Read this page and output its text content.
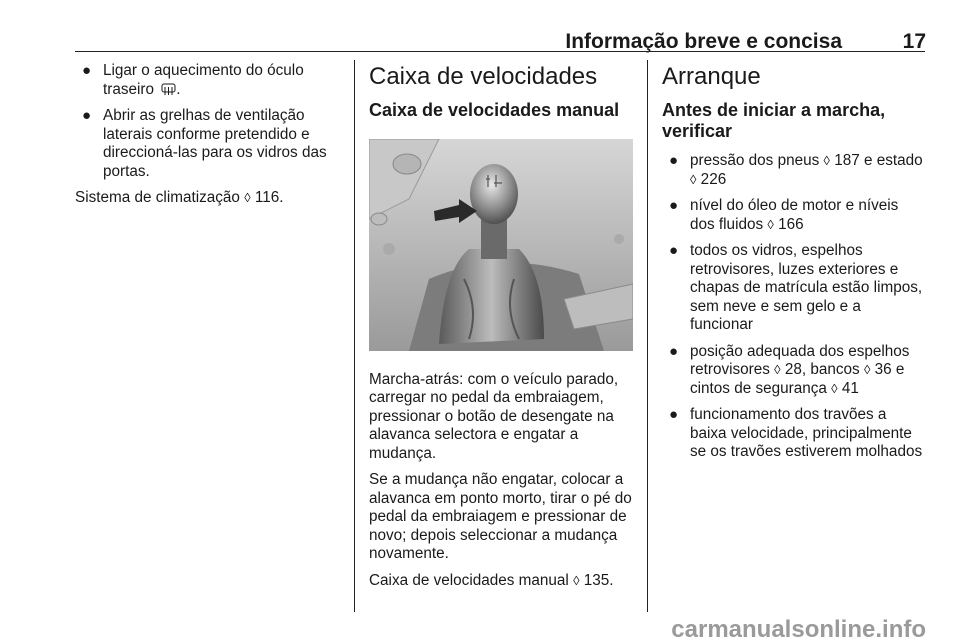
Informação breve e concisa	17
● Ligar o aquecimento do óculo traseiro .
● Abrir as grelhas de ventilação laterais conforme pretendido e direccioná-las para os vidros das portas.

Sistema de climatização ◊ 116.

Caixa de velocidades
Caixa de velocidades manual

Marcha-atrás: com o veículo parado, carregar no pedal da embraiagem, pressionar o botão de desengate na alavanca selectora e engatar a mudança.

Se a mudança não engatar, colocar a alavanca em ponto morto, tirar o pé do pedal da embraiagem e pressionar de novo; depois seleccionar a mudança novamente.

Caixa de velocidades manual ◊ 135.

Arranque
Antes de iniciar a marcha, verificar
● pressão dos pneus ◊ 187 e estado ◊ 226
● nível do óleo de motor e níveis dos fluidos ◊ 166
● todos os vidros, espelhos retrovisores, luzes exteriores e chapas de matrícula estão limpos, sem neve e sem gelo e a funcionar
● posição adequada dos espelhos retrovisores ◊ 28, bancos ◊ 36 e cintos de segurança ◊ 41
● funcionamento dos travões a baixa velocidade, principalmente se os travões estiverem molhados
carmanualsonline.info
